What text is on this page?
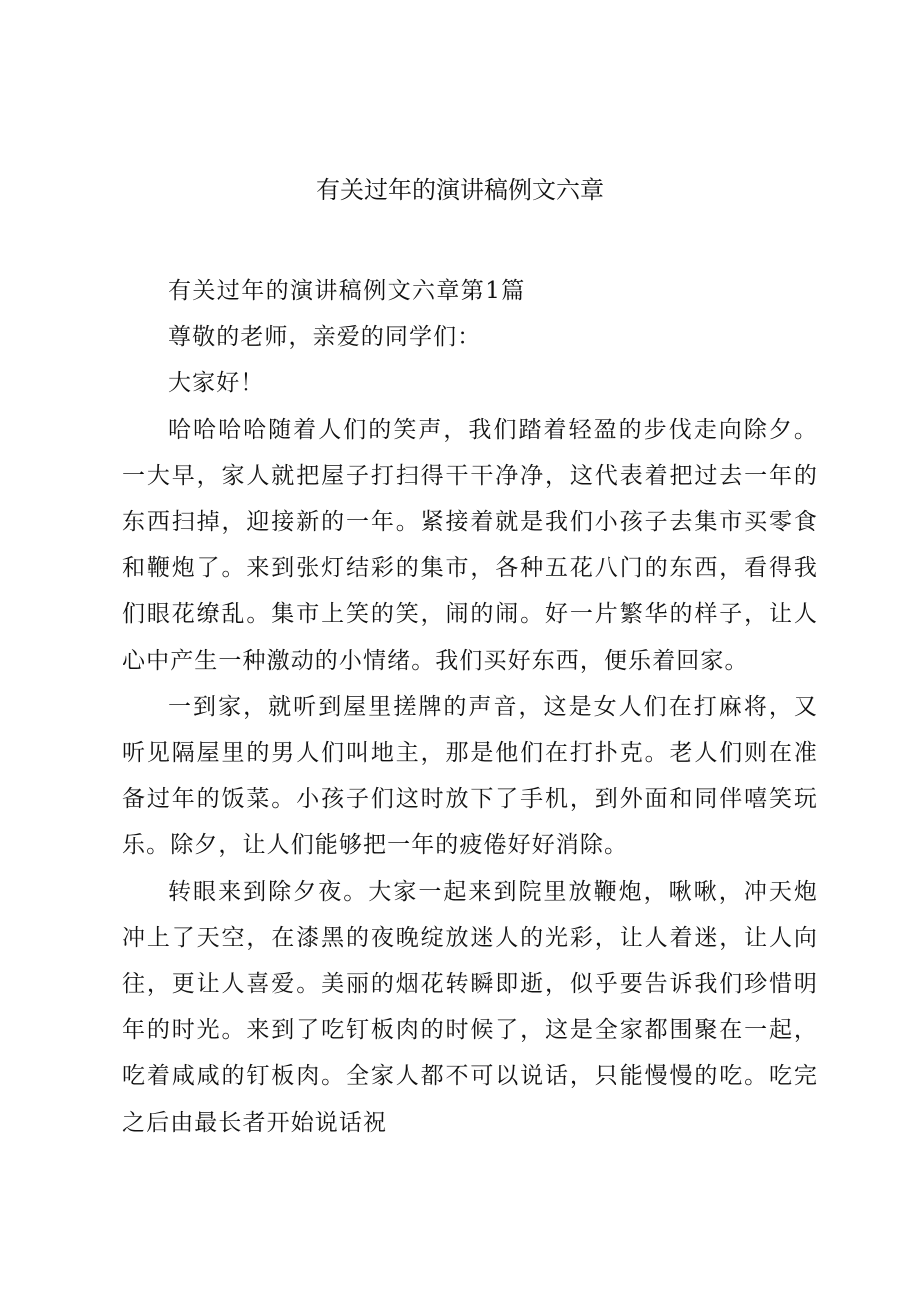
有关过年的演讲稿例文六章

有关过年的演讲稿例文六章第1篇

尊敬的老师，亲爱的同学们：

大家好！

哈哈哈哈随着人们的笑声，我们踏着轻盈的步伐走向除夕。一大早，家人就把屋子打扫得干干净净，这代表着把过去一年的东西扫掉，迎接新的一年。紧接着就是我们小孩子去集市买零食和鞭炮了。来到张灯结彩的集市，各种五花八门的东西，看得我们眼花缭乱。集市上笑的笑，闹的闹。好一片繁华的样子，让人心中产生一种激动的小情绪。我们买好东西，便乐着回家。

一到家，就听到屋里搓牌的声音，这是女人们在打麻将，又听见隔屋里的男人们叫地主，那是他们在打扑克。老人们则在准备过年的饭菜。小孩子们这时放下了手机，到外面和同伴嘻笑玩乐。除夕，让人们能够把一年的疲倦好好消除。

转眼来到除夕夜。大家一起来到院里放鞭炮，啾啾，冲天炮冲上了天空，在漆黑的夜晚绽放迷人的光彩，让人着迷，让人向往，更让人喜爱。美丽的烟花转瞬即逝，似乎要告诉我们珍惜明年的时光。来到了吃钉板肉的时候了，这是全家都围聚在一起，吃着咸咸的钉板肉。全家人都不可以说话，只能慢慢的吃。吃完之后由最长者开始说话祝
